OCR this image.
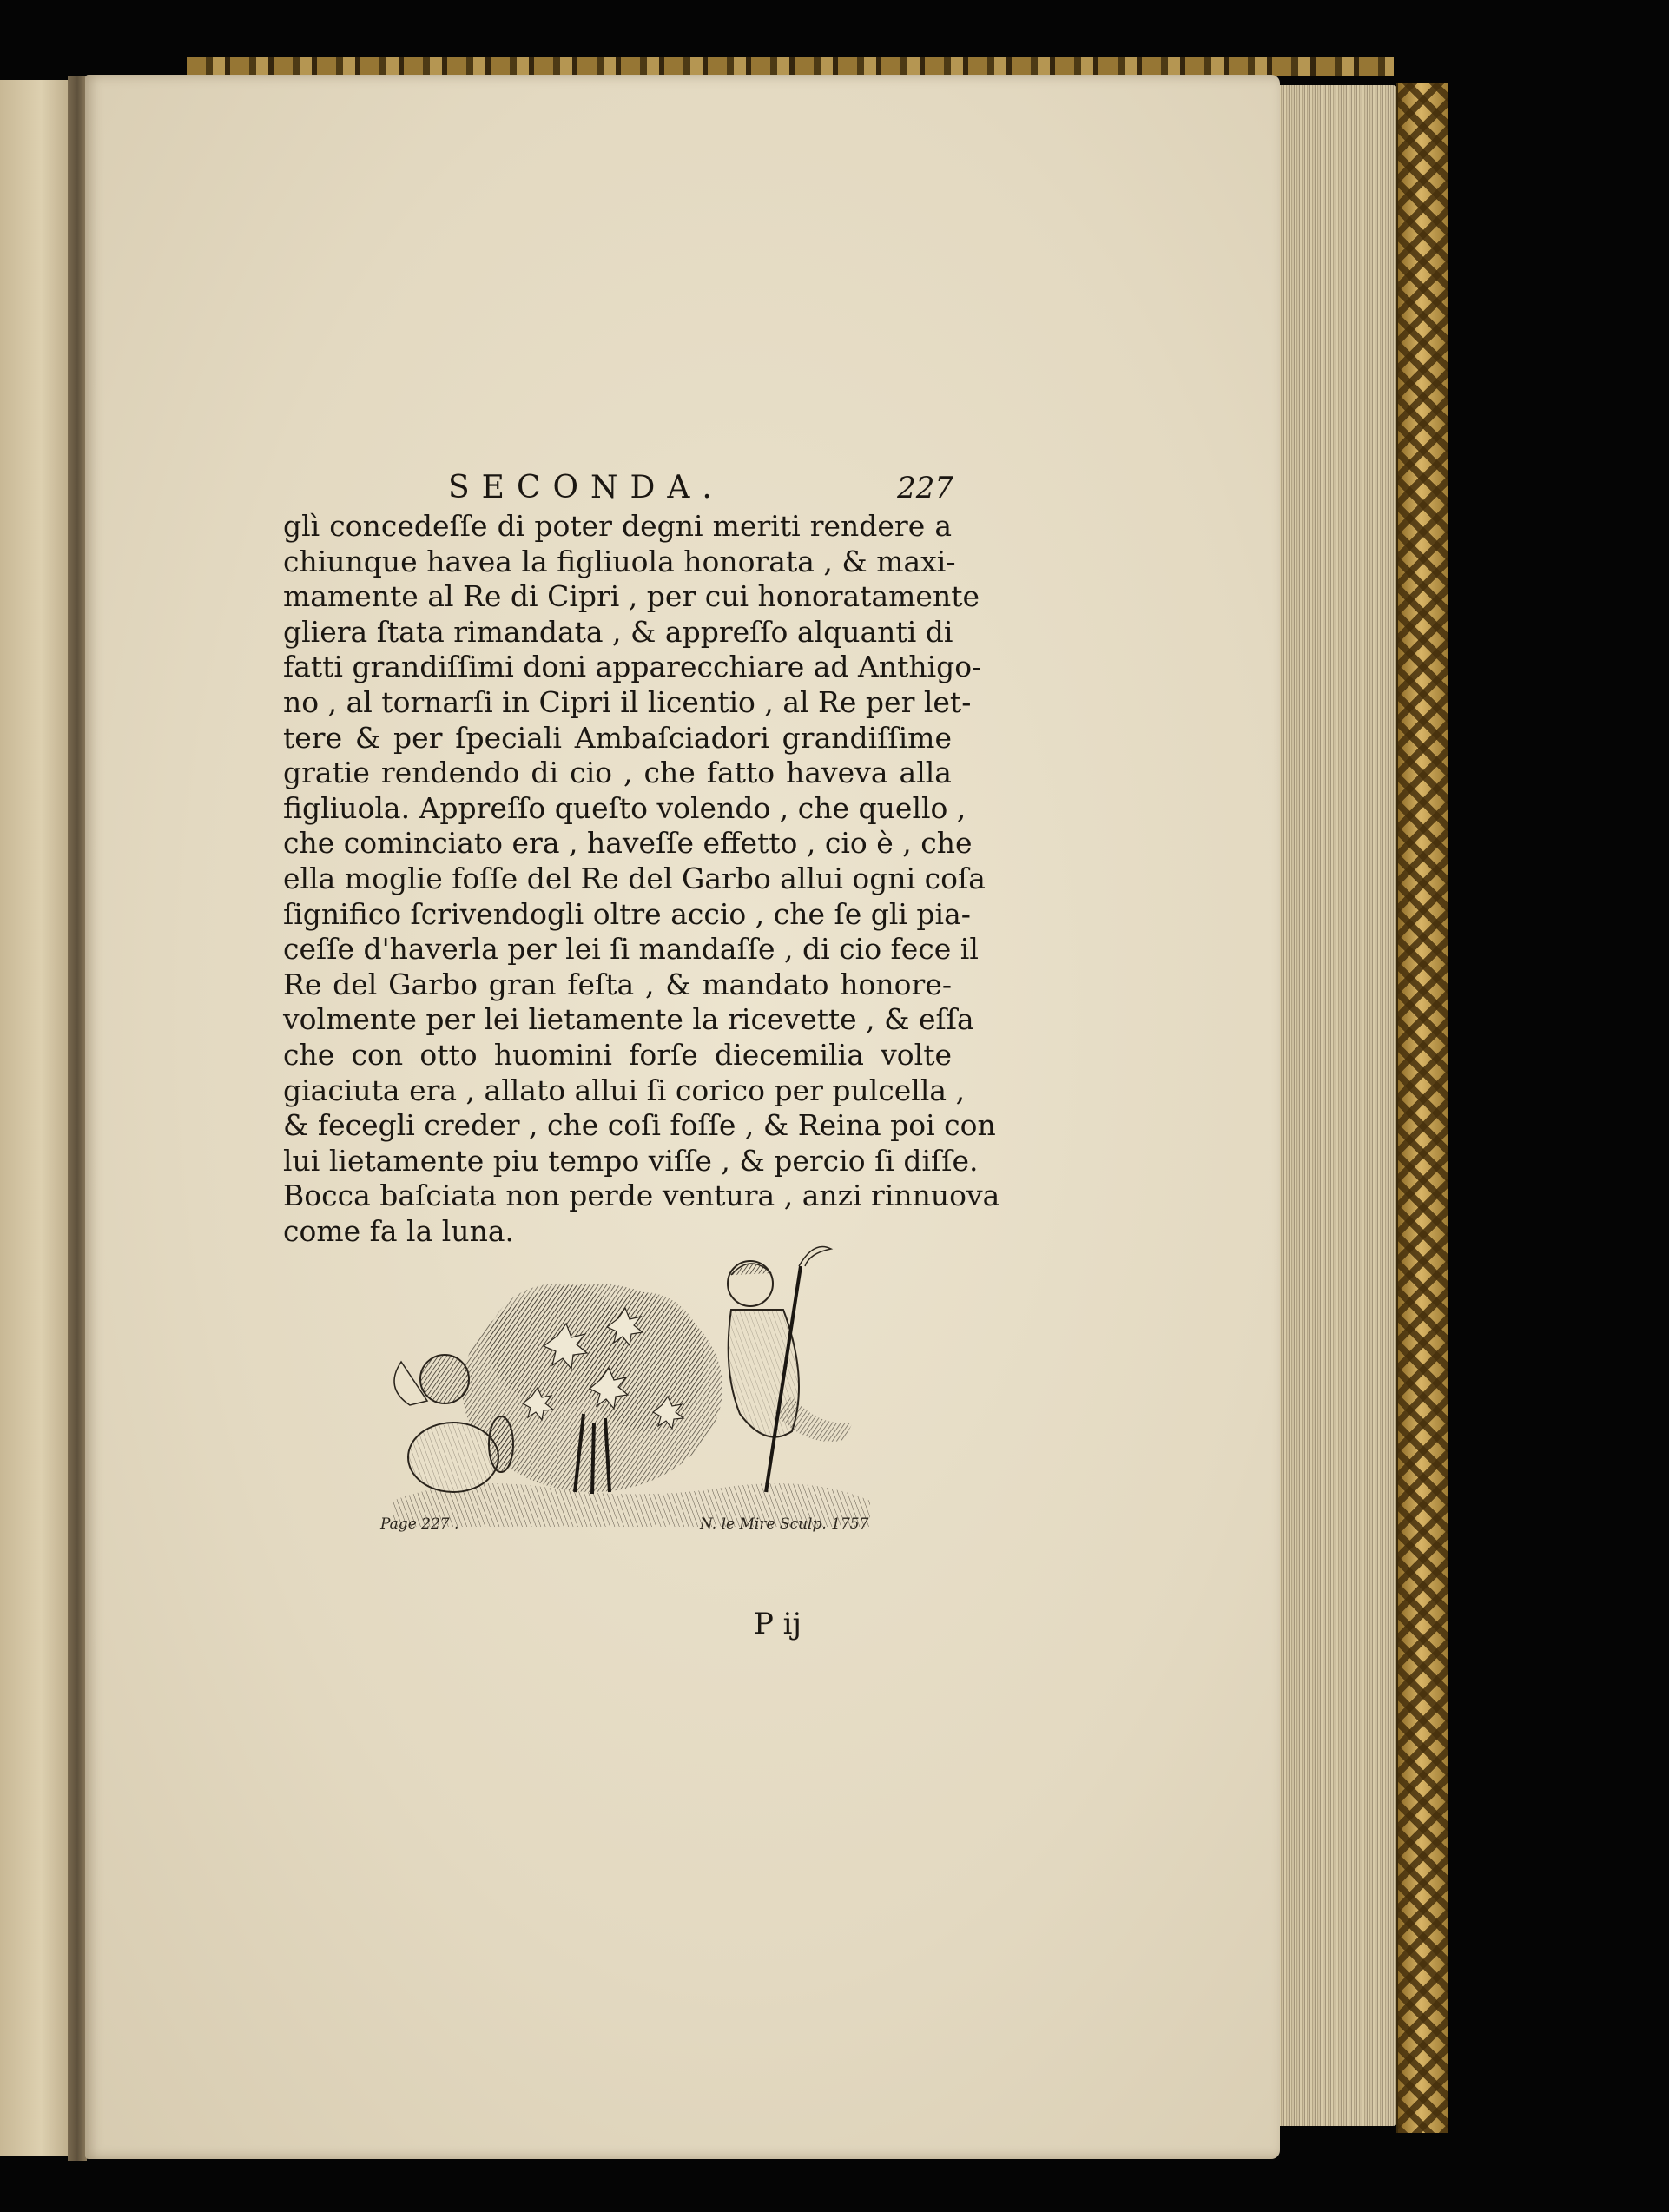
SECONDA.	227
glì concedeſſe di poter degni meriti rendere a
chiunque havea la figliuola honorata , & maxi-
mamente al Re di Cipri , per cui honoratamente
gliera ſtata rimandata , & appreſſo alquanti di
fatti grandiſſimi doni apparecchiare ad Anthigo-
no , al tornarſi in Cipri il licentio , al Re per let-
tere & per ſpeciali Ambaſciadori grandiſſime
gratie rendendo di cio , che fatto haveva alla
figliuola. Appreſſo queſto volendo , che quello ,
che cominciato era , haveſſe effetto , cio è , che
ella moglie foſſe del Re del Garbo allui ogni coſa
ſignifico ſcrivendogli oltre accio , che ſe gli pia-
ceſſe d'haverla per lei ſi mandaſſe , di cio fece il
Re del Garbo gran feſta , & mandato honore-
volmente per lei lietamente la ricevette , & eſſa
che con otto huomini forſe diecemilia volte
giaciuta era , allato allui ſi corico per pulcella ,
& fecegli creder , che coſi foſſe , & Reina poi con
lui lietamente piu tempo viſſe , & percio ſi diſſe.
Bocca baſciata non perde ventura , anzi rinnuova
come fa la luna.
Page 227 .	N. le Mire Sculp. 1757
P ij
